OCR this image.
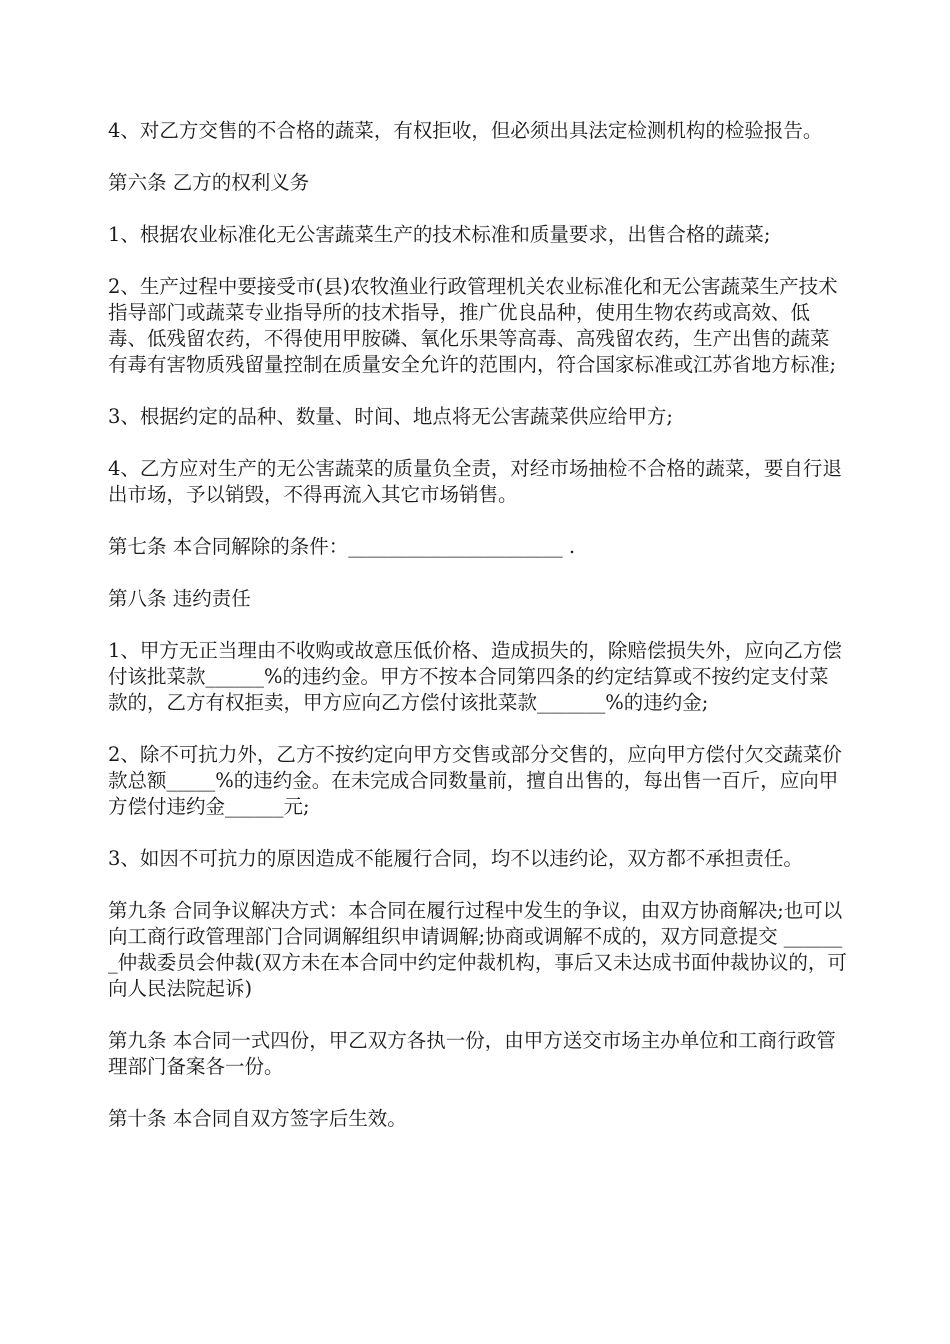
4、对乙方交售的不合格的蔬菜，有权拒收，但必须出具法定检测机构的检验报告。

第六条 乙方的权利义务

1、根据农业标准化无公害蔬菜生产的技术标准和质量要求，出售合格的蔬菜;

2、生产过程中要接受市(县)农牧渔业行政管理机关农业标准化和无公害蔬菜生产技术指导部门或蔬菜专业指导所的技术指导，推广优良品种，使用生物农药或高效、低毒、低残留农药，不得使用甲胺磷、氧化乐果等高毒、高残留农药，生产出售的蔬菜有毒有害物质残留量控制在质量安全允许的范围内，符合国家标准或江苏省地方标准;

3、根据约定的品种、数量、时间、地点将无公害蔬菜供应给甲方;

4、乙方应对生产的无公害蔬菜的质量负全责，对经市场抽检不合格的蔬菜，要自行退出市场，予以销毁，不得再流入其它市场销售。

第七条 本合同解除的条件：______________________ .

第八条 违约责任

1、甲方无正当理由不收购或故意压低价格、造成损失的，除赔偿损失外，应向乙方偿付该批菜款______%的违约金。甲方不按本合同第四条的约定结算或不按约定支付菜款的，乙方有权拒卖，甲方应向乙方偿付该批菜款_______%的违约金;

2、除不可抗力外，乙方不按约定向甲方交售或部分交售的，应向甲方偿付欠交蔬菜价款总额_____%的违约金。在未完成合同数量前，擅自出售的，每出售一百斤，应向甲方偿付违约金______元;

3、如因不可抗力的原因造成不能履行合同，均不以违约论，双方都不承担责任。

第九条 合同争议解决方式：本合同在履行过程中发生的争议，由双方协商解决;也可以向工商行政管理部门合同调解组织申请调解;协商或调解不成的，双方同意提交 _______仲裁委员会仲裁(双方未在本合同中约定仲裁机构，事后又未达成书面仲裁协议的，可向人民法院起诉)

第九条 本合同一式四份，甲乙双方各执一份，由甲方送交市场主办单位和工商行政管理部门备案各一份。

第十条 本合同自双方签字后生效。
